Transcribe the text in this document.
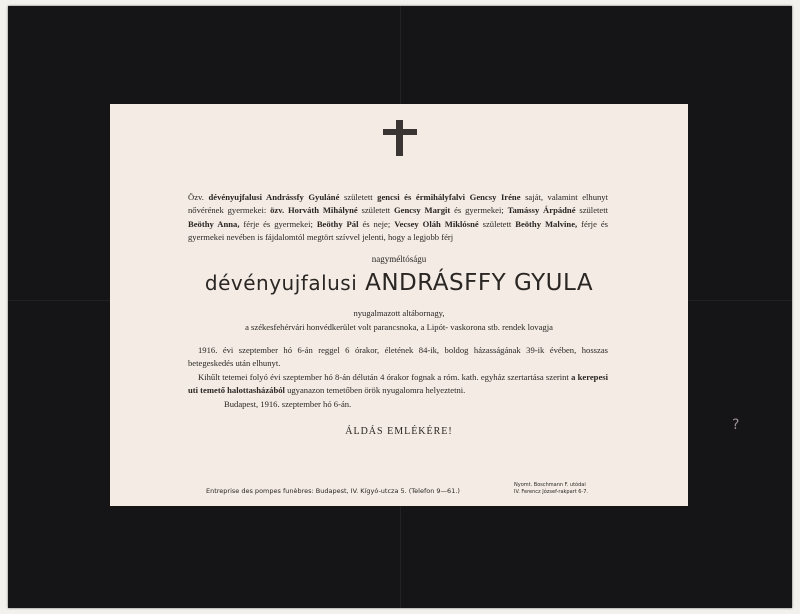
Özv. dévényujfalusi Andrássfy Gyuláné született gencsi és érmihályfalvi Gencsy Iréne saját, valamint elhunyt nővérének gyermekei: özv. Horváth Mihályné született Gencsy Margit és gyermekei; Tamássy Árpádné született Beöthy Anna, férje és gyermekei; Beöthy Pál és neje; Vecsey Oláh Miklósné született Beöthy Malvine, férje és gyermekei nevében is fájdalomtól megtört szívvel jelenti, hogy a legjobb férj
nagyméltóságu
dévényujfalusi ANDRÁSFFY GYULA
nyugalmazott altábornagy,
a székesfehérvári honvédkerület volt parancsnoka, a Lipót- vaskorona stb. rendek lovagja

1916. évi szeptember hó 6-án reggel 6 órakor, életének 84-ik, boldog házasságának 39-ik évében, hosszas betegeskedés után elhunyt.

Kihűlt tetemei folyó évi szeptember hó 8-án délután 4 órakor fognak a róm. kath. egyház szertartása szerint a kerepesi uti temető halottasházából ugyanazon temetőben örök nyugalomra helyeztetni.

Budapest, 1916. szeptember hó 6-án.

ÁLDÁS EMLÉKÉRE!
Entreprise des pompes funèbres: Budapest, IV. Kígyó-utcza 5. (Telefon 9—61.)
Nyomt. Boschmann F. utódai
IV. Ferencz József-rakpart 6-7.
?
